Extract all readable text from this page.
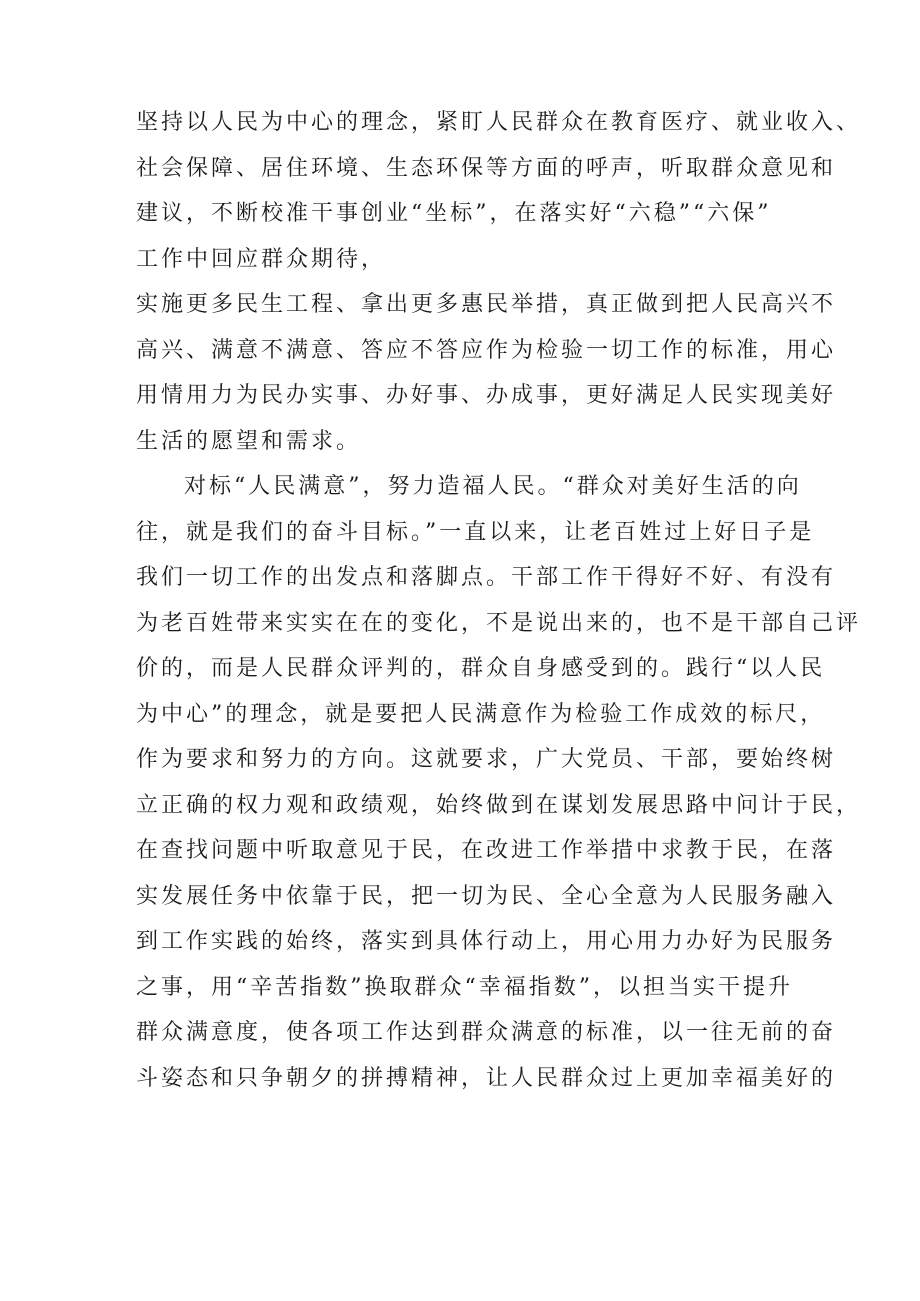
坚持以人民为中心的理念，紧盯人民群众在教育医疗、就业收入、
社会保障、居住环境、生态环保等方面的呼声，听取群众意见和
建议，不断校准干事创业“坐标”，在落实好“六稳”“六保”
工作中回应群众期待，
实施更多民生工程、拿出更多惠民举措，真正做到把人民高兴不
高兴、满意不满意、答应不答应作为检验一切工作的标准，用心
用情用力为民办实事、办好事、办成事，更好满足人民实现美好
生活的愿望和需求。
对标“人民满意”，努力造福人民。“群众对美好生活的向
往，就是我们的奋斗目标。”一直以来，让老百姓过上好日子是
我们一切工作的出发点和落脚点。干部工作干得好不好、有没有
为老百姓带来实实在在的变化，不是说出来的，也不是干部自己评
价的，而是人民群众评判的，群众自身感受到的。践行“以人民
为中心”的理念，就是要把人民满意作为检验工作成效的标尺，
作为要求和努力的方向。这就要求，广大党员、干部，要始终树
立正确的权力观和政绩观，始终做到在谋划发展思路中问计于民，
在查找问题中听取意见于民，在改进工作举措中求教于民，在落
实发展任务中依靠于民，把一切为民、全心全意为人民服务融入
到工作实践的始终，落实到具体行动上，用心用力办好为民服务
之事，用“辛苦指数”换取群众“幸福指数”，以担当实干提升
群众满意度，使各项工作达到群众满意的标准，以一往无前的奋
斗姿态和只争朝夕的拼搏精神，让人民群众过上更加幸福美好的
